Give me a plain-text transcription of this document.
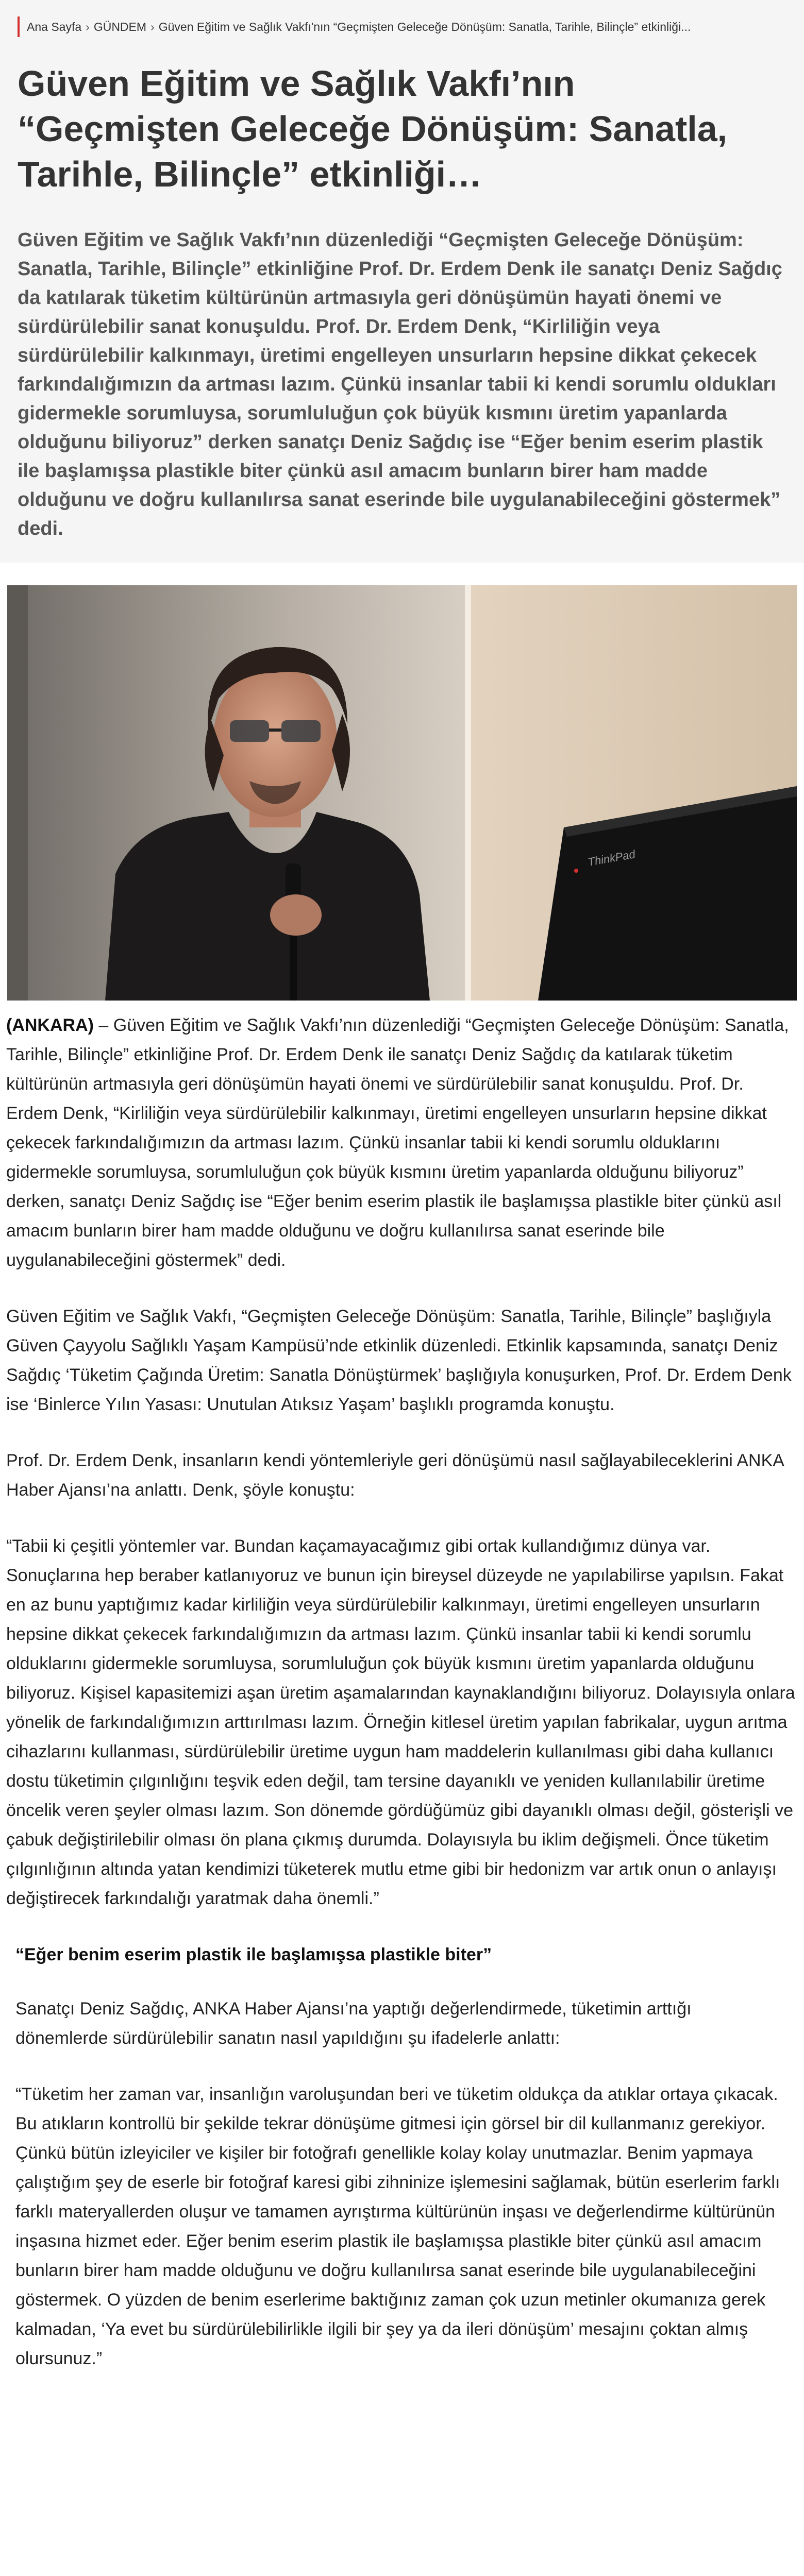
Ana Sayfa › GÜNDEM › Güven Eğitim ve Sağlık Vakfı'nın “Geçmişten Geleceğe Dönüşüm: Sanatla, Tarihle, Bilinçle” etkinliği...
Güven Eğitim ve Sağlık Vakfı’nın “Geçmişten Geleceğe Dönüşüm: Sanatla, Tarihle, Bilinçle” etkinliği…
Güven Eğitim ve Sağlık Vakfı’nın düzenlediği “Geçmişten Geleceğe Dönüşüm: Sanatla, Tarihle, Bilinçle” etkinliğine Prof. Dr. Erdem Denk ile sanatçı Deniz Sağdıç da katılarak tüketim kültürünün artmasıyla geri dönüşümün hayati önemi ve sürdürülebilir sanat konuşuldu. Prof. Dr. Erdem Denk, “Kirliliğin veya sürdürülebilir kalkınmayı, üretimi engelleyen unsurların hepsine dikkat çekecek farkındalığımızın da artması lazım. Çünkü insanlar tabii ki kendi sorumlu oldukları gidermekle sorumluysa, sorumluluğun çok büyük kısmını üretim yapanlarda olduğunu biliyoruz” derken sanatçı Deniz Sağdıç ise “Eğer benim eserim plastik ile başlamışsa plastikle biter çünkü asıl amacım bunların birer ham madde olduğunu ve doğru kullanılırsa sanat eserinde bile uygulanabileceğini göstermek” dedi.
ThinkPad

(ANKARA) – Güven Eğitim ve Sağlık Vakfı’nın düzenlediği “Geçmişten Geleceğe Dönüşüm: Sanatla, Tarihle, Bilinçle” etkinliğine Prof. Dr. Erdem Denk ile sanatçı Deniz Sağdıç da katılarak tüketim kültürünün artmasıyla geri dönüşümün hayati önemi ve sürdürülebilir sanat konuşuldu. Prof. Dr. Erdem Denk, “Kirliliğin veya sürdürülebilir kalkınmayı, üretimi engelleyen unsurların hepsine dikkat çekecek farkındalığımızın da artması lazım. Çünkü insanlar tabii ki kendi sorumlu olduklarını gidermekle sorumluysa, sorumluluğun çok büyük kısmını üretim yapanlarda olduğunu biliyoruz” derken, sanatçı Deniz Sağdıç ise “Eğer benim eserim plastik ile başlamışsa plastikle biter çünkü asıl amacım bunların birer ham madde olduğunu ve doğru kullanılırsa sanat eserinde bile uygulanabileceğini göstermek” dedi.

Güven Eğitim ve Sağlık Vakfı, “Geçmişten Geleceğe Dönüşüm: Sanatla, Tarihle, Bilinçle” başlığıyla Güven Çayyolu Sağlıklı Yaşam Kampüsü’nde etkinlik düzenledi. Etkinlik kapsamında, sanatçı Deniz Sağdıç ‘Tüketim Çağında Üretim: Sanatla Dönüştürmek’ başlığıyla konuşurken, Prof. Dr. Erdem Denk ise ‘Binlerce Yılın Yasası: Unutulan Atıksız Yaşam’ başlıklı programda konuştu.

Prof. Dr. Erdem Denk, insanların kendi yöntemleriyle geri dönüşümü nasıl sağlayabileceklerini ANKA Haber Ajansı’na anlattı. Denk, şöyle konuştu:

“Tabii ki çeşitli yöntemler var. Bundan kaçamayacağımız gibi ortak kullandığımız dünya var. Sonuçlarına hep beraber katlanıyoruz ve bunun için bireysel düzeyde ne yapılabilirse yapılsın. Fakat en az bunu yaptığımız kadar kirliliğin veya sürdürülebilir kalkınmayı, üretimi engelleyen unsurların hepsine dikkat çekecek farkındalığımızın da artması lazım. Çünkü insanlar tabii ki kendi sorumlu olduklarını gidermekle sorumluysa, sorumluluğun çok büyük kısmını üretim yapanlarda olduğunu biliyoruz. Kişisel kapasitemizi aşan üretim aşamalarından kaynaklandığını biliyoruz. Dolayısıyla onlara yönelik de farkındalığımızın arttırılması lazım. Örneğin kitlesel üretim yapılan fabrikalar, uygun arıtma cihazlarını kullanması, sürdürülebilir üretime uygun ham maddelerin kullanılması gibi daha kullanıcı dostu tüketimin çılgınlığını teşvik eden değil, tam tersine dayanıklı ve yeniden kullanılabilir üretime öncelik veren şeyler olması lazım. Son dönemde gördüğümüz gibi dayanıklı olması değil, gösterişli ve çabuk değiştirilebilir olması ön plana çıkmış durumda. Dolayısıyla bu iklim değişmeli. Önce tüketim çılgınlığının altında yatan kendimizi tüketerek mutlu etme gibi bir hedonizm var artık onun o anlayışı değiştirecek farkındalığı yaratmak daha önemli.”

“Eğer benim eserim plastik ile başlamışsa plastikle biter”

Sanatçı Deniz Sağdıç, ANKA Haber Ajansı’na yaptığı değerlendirmede, tüketimin arttığı dönemlerde sürdürülebilir sanatın nasıl yapıldığını şu ifadelerle anlattı:

“Tüketim her zaman var, insanlığın varoluşundan beri ve tüketim oldukça da atıklar ortaya çıkacak. Bu atıkların kontrollü bir şekilde tekrar dönüşüme gitmesi için görsel bir dil kullanmanız gerekiyor. Çünkü bütün izleyiciler ve kişiler bir fotoğrafı genellikle kolay kolay unutmazlar. Benim yapmaya çalıştığım şey de eserle bir fotoğraf karesi gibi zihninize işlemesini sağlamak, bütün eserlerim farklı farklı materyallerden oluşur ve tamamen ayrıştırma kültürünün inşası ve değerlendirme kültürünün inşasına hizmet eder. Eğer benim eserim plastik ile başlamışsa plastikle biter çünkü asıl amacım bunların birer ham madde olduğunu ve doğru kullanılırsa sanat eserinde bile uygulanabileceğini göstermek. O yüzden de benim eserlerime baktığınız zaman çok uzun metinler okumanıza gerek kalmadan, ‘Ya evet bu sürdürülebilirlikle ilgili bir şey ya da ileri dönüşüm’ mesajını çoktan almış olursunuz.”
